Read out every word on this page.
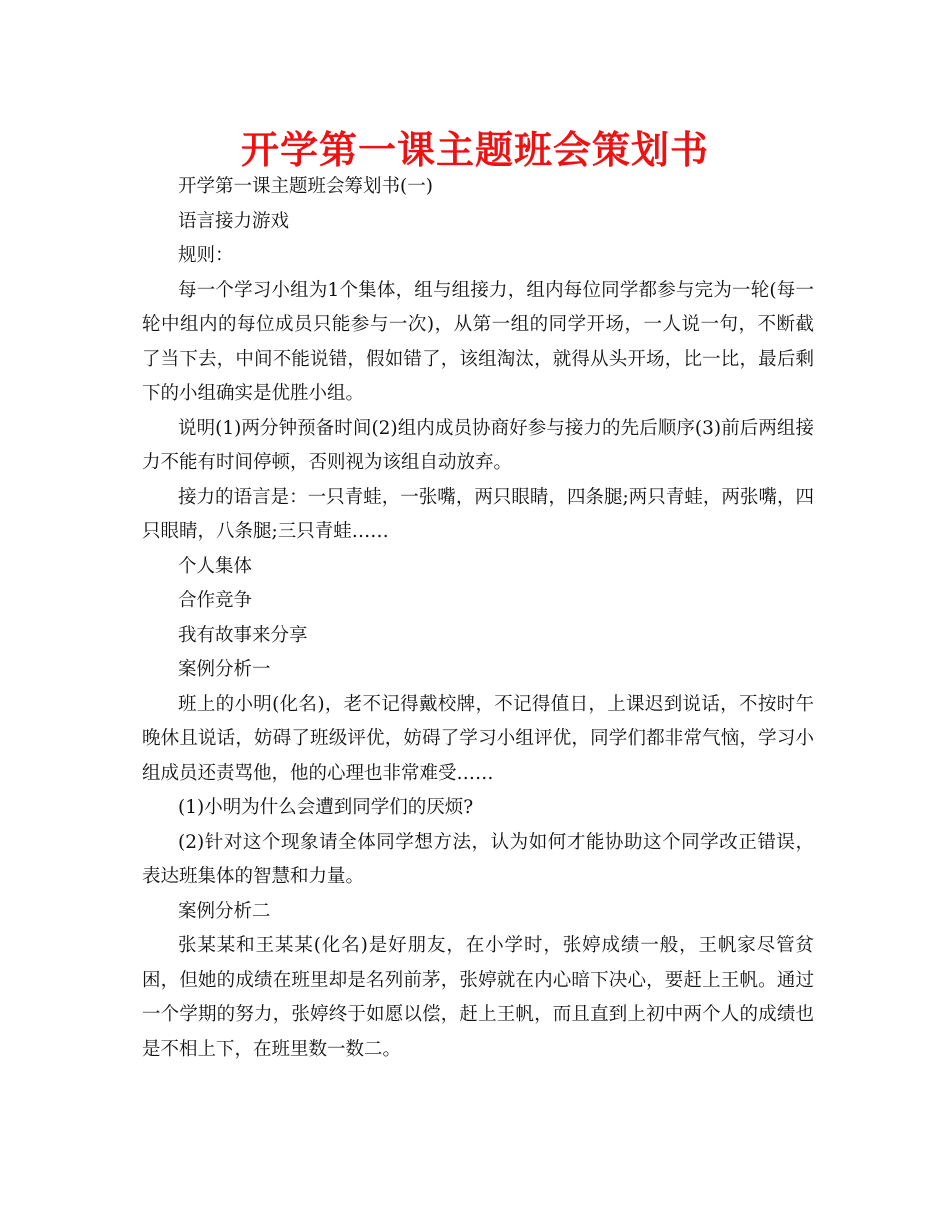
开学第一课主题班会策划书

开学第一课主题班会筹划书(一)

语言接力游戏

规则：

每一个学习小组为1个集体，组与组接力，组内每位同学都参与完为一轮(每一轮中组内的每位成员只能参与一次)，从第一组的同学开场，一人说一句，不断截了当下去，中间不能说错，假如错了，该组淘汰，就得从头开场，比一比，最后剩下的小组确实是优胜小组。

说明(1)两分钟预备时间(2)组内成员协商好参与接力的先后顺序(3)前后两组接力不能有时间停顿，否则视为该组自动放弃。

接力的语言是：一只青蛙，一张嘴，两只眼睛，四条腿;两只青蛙，两张嘴，四只眼睛，八条腿;三只青蛙……

个人集体

合作竞争

我有故事来分享

案例分析一

班上的小明(化名)，老不记得戴校牌，不记得值日，上课迟到说话，不按时午晚休且说话，妨碍了班级评优，妨碍了学习小组评优，同学们都非常气恼，学习小组成员还责骂他，他的心理也非常难受……

(1)小明为什么会遭到同学们的厌烦?

(2)针对这个现象请全体同学想方法，认为如何才能协助这个同学改正错误，表达班集体的智慧和力量。

案例分析二

张某某和王某某(化名)是好朋友，在小学时，张婷成绩一般，王帆家尽管贫困，但她的成绩在班里却是名列前茅，张婷就在内心暗下决心，要赶上王帆。通过一个学期的努力，张婷终于如愿以偿，赶上王帆，而且直到上初中两个人的成绩也是不相上下，在班里数一数二。
